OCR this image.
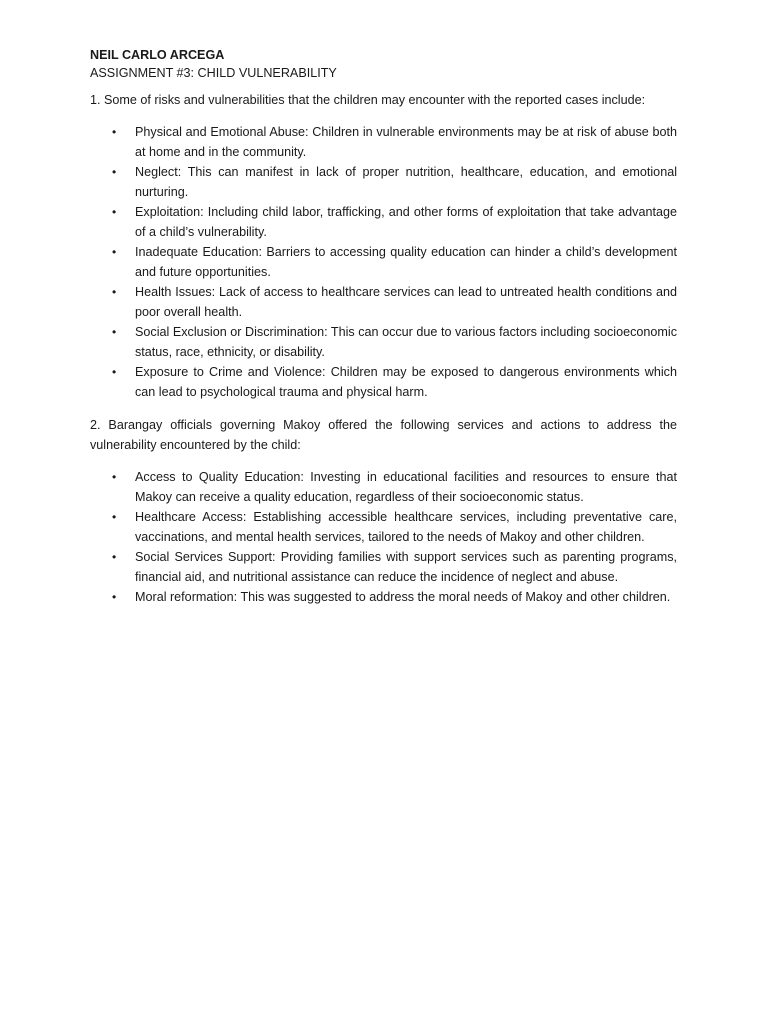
NEIL CARLO ARCEGA

ASSIGNMENT #3: CHILD VULNERABILITY

1. Some of risks and vulnerabilities that the children may encounter with the reported cases include:

• Physical and Emotional Abuse: Children in vulnerable environments may be at risk of abuse both at home and in the community.
• Neglect: This can manifest in lack of proper nutrition, healthcare, education, and emotional nurturing.
• Exploitation: Including child labor, trafficking, and other forms of exploitation that take advantage of a child’s vulnerability.
• Inadequate Education: Barriers to accessing quality education can hinder a child’s development and future opportunities.
• Health Issues: Lack of access to healthcare services can lead to untreated health conditions and poor overall health.
• Social Exclusion or Discrimination: This can occur due to various factors including socioeconomic status, race, ethnicity, or disability.
• Exposure to Crime and Violence: Children may be exposed to dangerous environments which can lead to psychological trauma and physical harm.

2. Barangay officials governing Makoy offered the following services and actions to address the vulnerability encountered by the child:

• Access to Quality Education: Investing in educational facilities and resources to ensure that Makoy can receive a quality education, regardless of their socioeconomic status.
• Healthcare Access: Establishing accessible healthcare services, including preventative care, vaccinations, and mental health services, tailored to the needs of Makoy and other children.
• Social Services Support: Providing families with support services such as parenting programs, financial aid, and nutritional assistance can reduce the incidence of neglect and abuse.
• Moral reformation: This was suggested to address the moral needs of Makoy and other children.
